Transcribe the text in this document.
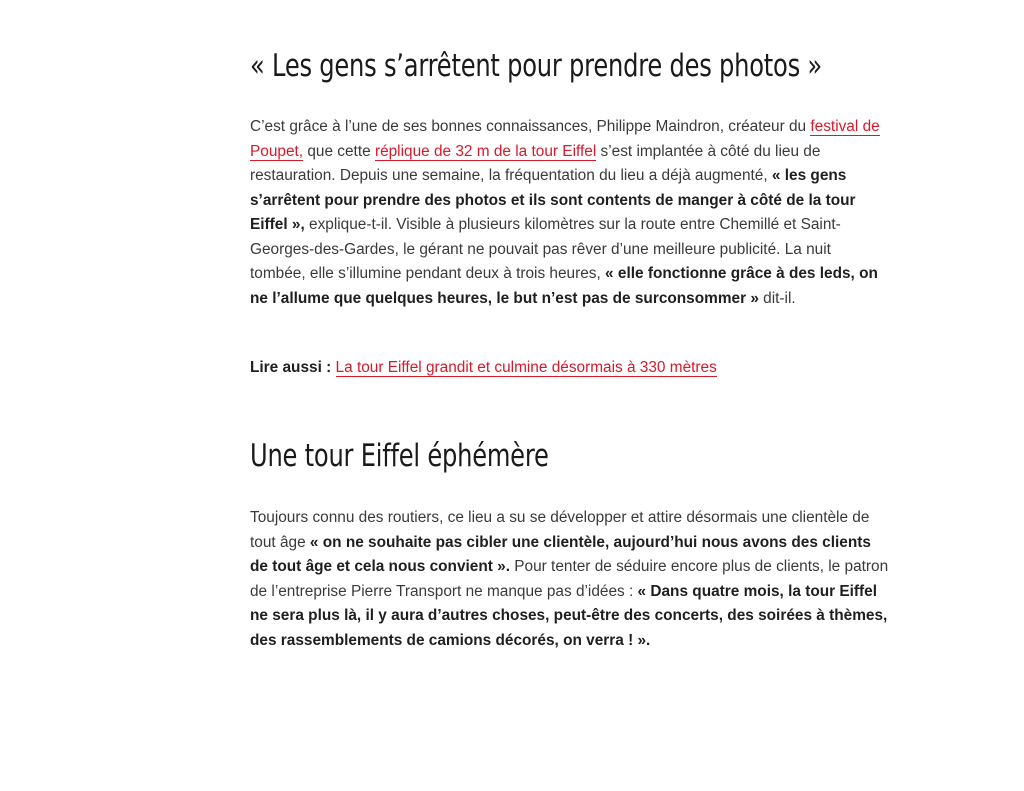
« Les gens s’arrêtent pour prendre des photos »

C’est grâce à l’une de ses bonnes connaissances, Philippe Maindron, créateur du festival de Poupet, que cette réplique de 32 m de la tour Eiffel s’est implantée à côté du lieu de restauration. Depuis une semaine, la fréquentation du lieu a déjà augmenté, « les gens s’arrêtent pour prendre des photos et ils sont contents de manger à côté de la tour Eiffel », explique-t-il. Visible à plusieurs kilomètres sur la route entre Chemillé et Saint-Georges-des-Gardes, le gérant ne pouvait pas rêver d’une meilleure publicité. La nuit tombée, elle s’illumine pendant deux à trois heures, « elle fonctionne grâce à des leds, on ne l’allume que quelques heures, le but n’est pas de surconsommer » dit-il.

Lire aussi : La tour Eiffel grandit et culmine désormais à 330 mètres

Une tour Eiffel éphémère

Toujours connu des routiers, ce lieu a su se développer et attire désormais une clientèle de tout âge « on ne souhaite pas cibler une clientèle, aujourd’hui nous avons des clients de tout âge et cela nous convient ». Pour tenter de séduire encore plus de clients, le patron de l’entreprise Pierre Transport ne manque pas d’idées : « Dans quatre mois, la tour Eiffel ne sera plus là, il y aura d’autres choses, peut-être des concerts, des soirées à thèmes, des rassemblements de camions décorés, on verra ! ».
